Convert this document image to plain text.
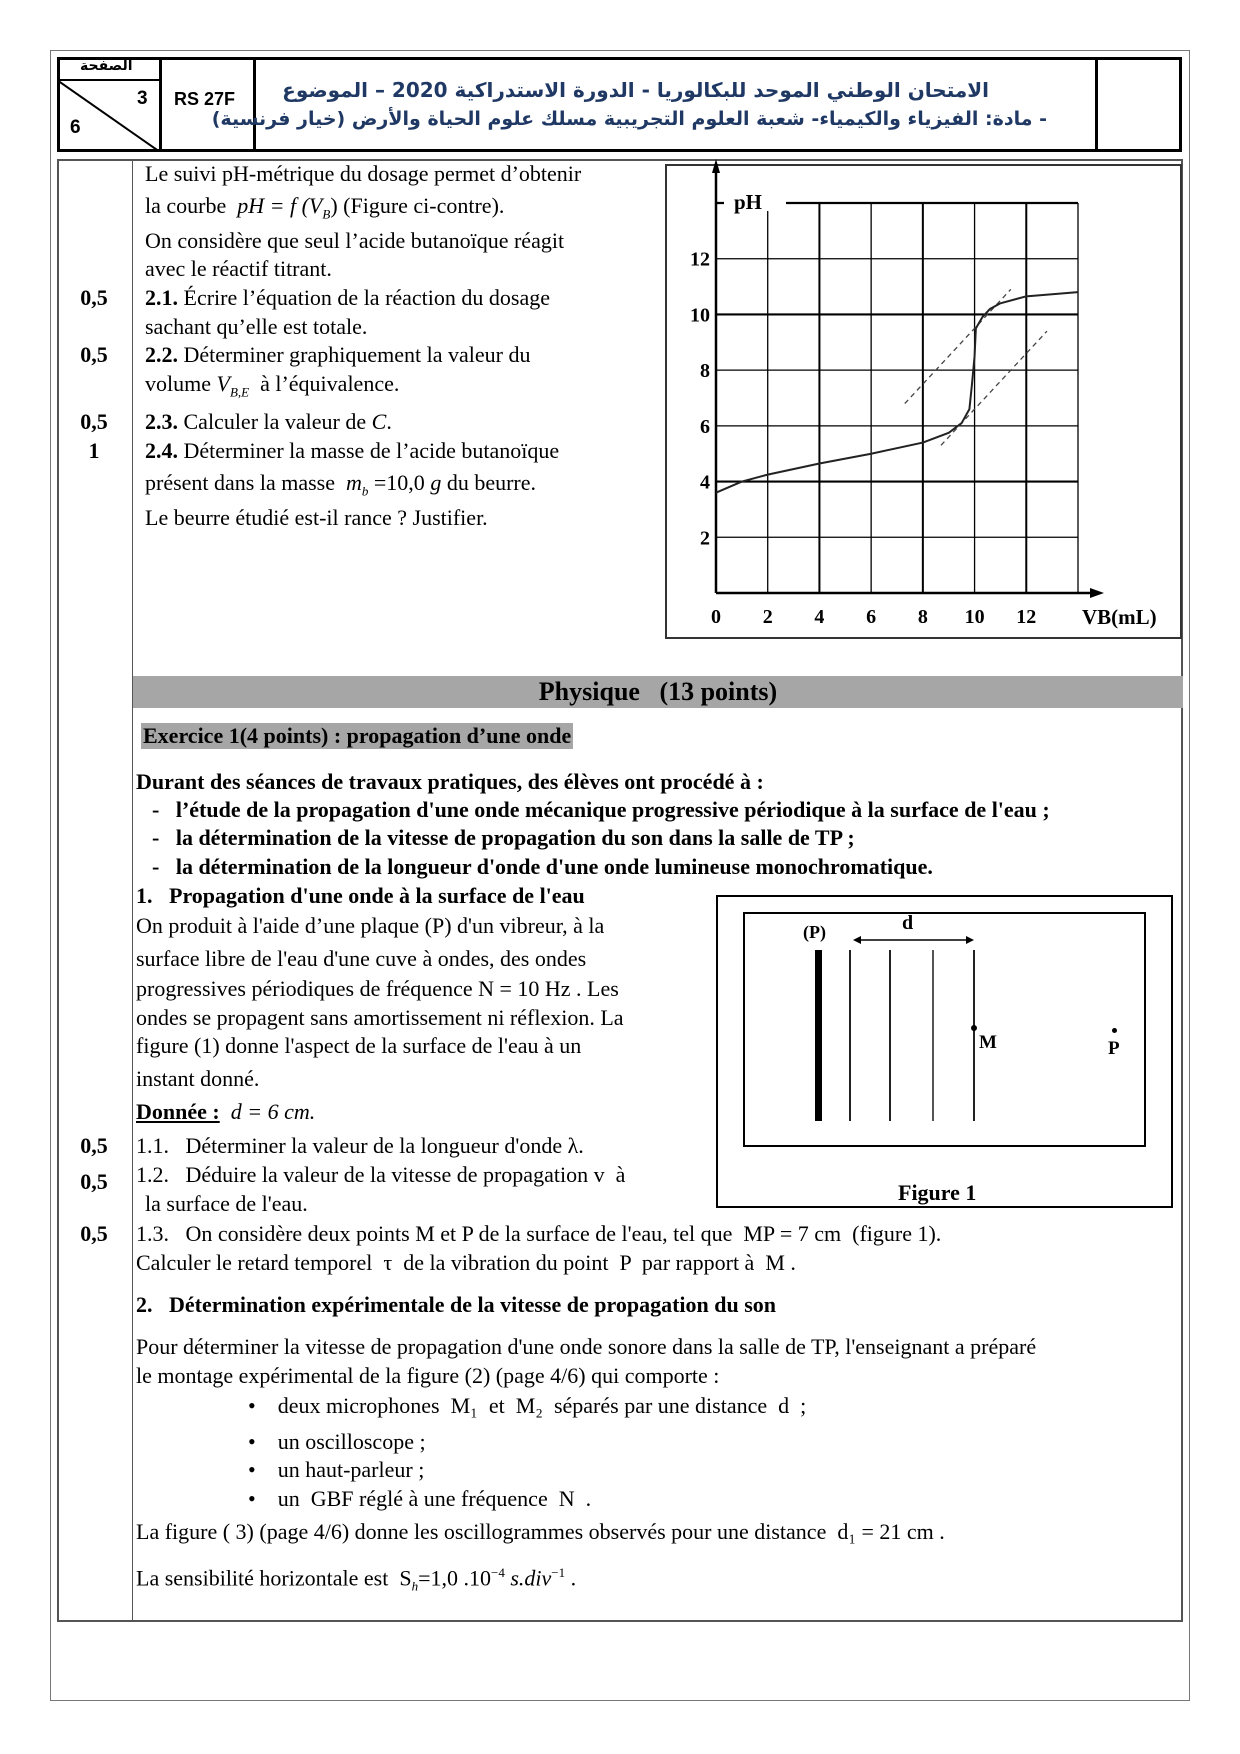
الصفحة
3
6
RS 27F الامتحان الوطني الموحد للبكالوريا - الدورة الاستدراكية 2020 – الموضوع
- مادة: الفيزياء والكيمياء- شعبة العلوم التجريبية مسلك علوم الحياة والأرض (خيار فرنسية)
Le suivi pH-métrique du dosage permet d’obtenir
la courbe pH = f $(V_B)$ (Figure ci-contre).
On considère que seul l’acide butanoïque réagit
avec le réactif titrant.
2.1. Écrire l’équation de la réaction du dosage
sachant qu’elle est totale.
2.2. Déterminer graphiquement la valeur du
volume $V_{B,E}$ à l’équivalence.
2.3. Calculer la valeur de C.
2.4. Déterminer la masse de l’acide butanoïque
présent dans la masse $m_b =10,0$ g du beurre.
Le beurre étudié est-il rance ? Justifier.
0,5
0,5
0,5
1
0 2 4 6 8 10 12
2
4
6
8
10
12
pH
VB(mL)
Physique   (13 points)
Exercice 1(4 points) : propagation d’une onde
Durant des séances de travaux pratiques, des élèves ont procédé à :
-   l’étude de la propagation d'une onde mécanique progressive périodique à la surface de l'eau ;
-   la détermination de la vitesse de propagation du son dans la salle de TP ;
-   la détermination de la longueur d'onde d'une onde lumineuse monochromatique.
1.   Propagation d'une onde à la surface de l'eau
On produit à l'aide d’une plaque (P) d'un vibreur, à la
surface libre de l'eau d'une cuve à ondes, des ondes
progressives périodiques de fréquence N = 10 Hz . Les
ondes se propagent sans amortissement ni réflexion. La
figure (1) donne l'aspect de la surface de l'eau à un
instant donné.
Donnée : d = 6 cm.
1.1.   Déterminer la valeur de la longueur d'onde λ.
1.2.   Déduire la valeur de la vitesse de propagation v  à
la surface de l'eau.
1.3.   On considère deux points M et P de la surface de l'eau, tel que  MP = 7 cm  (figure 1).
Calculer le retard temporel  τ  de la vibration du point  P  par rapport à  M .
0,5
0,5
0,5
2.   Détermination expérimentale de la vitesse de propagation du son
Pour déterminer la vitesse de propagation d'une onde sonore dans la salle de TP, l'enseignant a préparé
le montage expérimental de la figure (2) (page 4/6) qui comporte :
•    deux microphones  M₁  et  M₂  séparés par une distance  d  ;
•    un oscilloscope ;
•    un haut-parleur ;
•    un  GBF réglé à une fréquence  N  .
La figure ( 3) (page 4/6) donne les oscillogrammes observés pour une distance  d₁ = 21 cm .
La sensibilité horizontale est  $S_h=1,0$ $.10^{-4}$ s.div$^{-1}$ .
d
(P)
M	P
Figure 1
